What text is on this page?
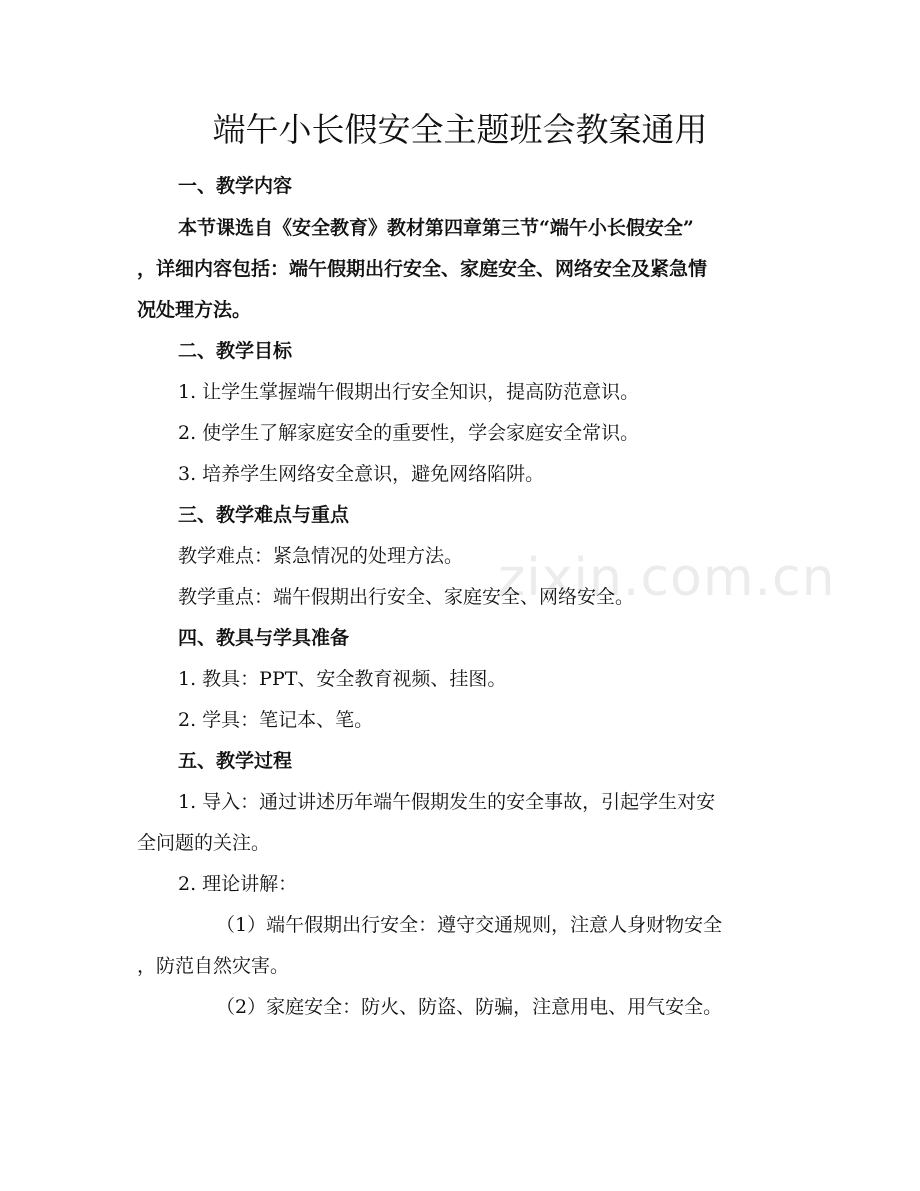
zixin.com.cn
端午小长假安全主题班会教案通用
一、教学内容
本节课选自《安全教育》教材第四章第三节“端午小长假安全”
，详细内容包括：端午假期出行安全、家庭安全、网络安全及紧急情
况处理方法。
二、教学目标
1. 让学生掌握端午假期出行安全知识，提高防范意识。
2. 使学生了解家庭安全的重要性，学会家庭安全常识。
3. 培养学生网络安全意识，避免网络陷阱。
三、教学难点与重点
教学难点：紧急情况的处理方法。
教学重点：端午假期出行安全、家庭安全、网络安全。
四、教具与学具准备
1. 教具：PPT、安全教育视频、挂图。
2. 学具：笔记本、笔。
五、教学过程
1. 导入：通过讲述历年端午假期发生的安全事故，引起学生对安
全问题的关注。
2. 理论讲解：
（1）端午假期出行安全：遵守交通规则，注意人身财物安全
，防范自然灾害。
（2）家庭安全：防火、防盗、防骗，注意用电、用气安全。
